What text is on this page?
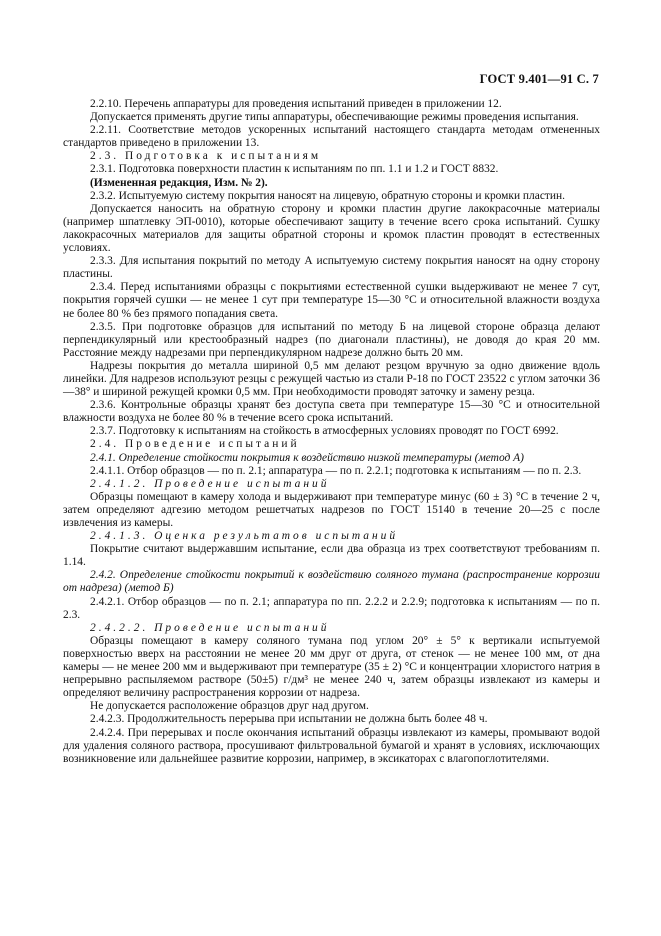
ГОСТ 9.401—91 С. 7

2.2.10. Перечень аппаратуры для проведения испытаний приведен в приложении 12.

Допускается применять другие типы аппаратуры, обеспечивающие режимы проведения испытания.

2.2.11. Соответствие методов ускоренных испытаний настоящего стандарта методам отмененных стандартов приведено в приложении 13.

2.3. Подготовка к испытаниям

2.3.1. Подготовка поверхности пластин к испытаниям по пп. 1.1 и 1.2 и ГОСТ 8832.

(Измененная редакция, Изм. № 2).

2.3.2. Испытуемую систему покрытия наносят на лицевую, обратную стороны и кромки пластин.

Допускается наносить на обратную сторону и кромки пластин другие лакокрасочные материалы (например шпатлевку ЭП-0010), которые обеспечивают защиту в течение всего срока испытаний. Сушку лакокрасочных материалов для защиты обратной стороны и кромок пластин проводят в естественных условиях.

2.3.3. Для испытания покрытий по методу А испытуемую систему покрытия наносят на одну сторону пластины.

2.3.4. Перед испытаниями образцы с покрытиями естественной сушки выдерживают не менее 7 сут, покрытия горячей сушки — не менее 1 сут при температуре 15—30 °С и относительной влажности воздуха не более 80 % без прямого попадания света.

2.3.5. При подготовке образцов для испытаний по методу Б на лицевой стороне образца делают перпендикулярный или крестообразный надрез (по диагонали пластины), не доводя до края 20 мм. Расстояние между надрезами при перпендикулярном надрезе должно быть 20 мм.

Надрезы покрытия до металла шириной 0,5 мм делают резцом вручную за одно движение вдоль линейки. Для надрезов используют резцы с режущей частью из стали Р-18 по ГОСТ 23522 с углом заточки 36—38° и шириной режущей кромки 0,5 мм. При необходимости проводят заточку и замену резца.

2.3.6. Контрольные образцы хранят без доступа света при температуре 15—30 °С и относительной влажности воздуха не более 80 % в течение всего срока испытаний.

2.3.7. Подготовку к испытаниям на стойкость в атмосферных условиях проводят по ГОСТ 6992.

2.4. Проведение испытаний

2.4.1. Определение стойкости покрытия к воздействию низкой температуры (метод А)

2.4.1.1. Отбор образцов — по п. 2.1; аппаратура — по п. 2.2.1; подготовка к испытаниям — по п. 2.3.

2.4.1.2. Проведение испытаний

Образцы помещают в камеру холода и выдерживают при температуре минус (60 ± 3) °С в течение 2 ч, затем определяют адгезию методом решетчатых надрезов по ГОСТ 15140 в течение 20—25 с после извлечения из камеры.

2.4.1.3. Оценка результатов испытаний

Покрытие считают выдержавшим испытание, если два образца из трех соответствуют требованиям п. 1.14.

2.4.2. Определение стойкости покрытий к воздействию соляного тумана (распространение коррозии от надреза) (метод Б)

2.4.2.1. Отбор образцов — по п. 2.1; аппаратура по пп. 2.2.2 и 2.2.9; подготовка к испытаниям — по п. 2.3.

2.4.2.2. Проведение испытаний

Образцы помещают в камеру соляного тумана под углом 20° ± 5° к вертикали испытуемой поверхностью вверх на расстоянии не менее 20 мм друг от друга, от стенок — не менее 100 мм, от дна камеры — не менее 200 мм и выдерживают при температуре (35 ± 2) °С и концентрации хлористого натрия в непрерывно распыляемом растворе (50±5) г/дм³ не менее 240 ч, затем образцы извлекают из камеры и определяют величину распространения коррозии от надреза.

Не допускается расположение образцов друг над другом.

2.4.2.3. Продолжительность перерыва при испытании не должна быть более 48 ч.

2.4.2.4. При перерывах и после окончания испытаний образцы извлекают из камеры, промывают водой для удаления соляного раствора, просушивают фильтровальной бумагой и хранят в условиях, исключающих возникновение или дальнейшее развитие коррозии, например, в эксикаторах с влагопоглотителями.
